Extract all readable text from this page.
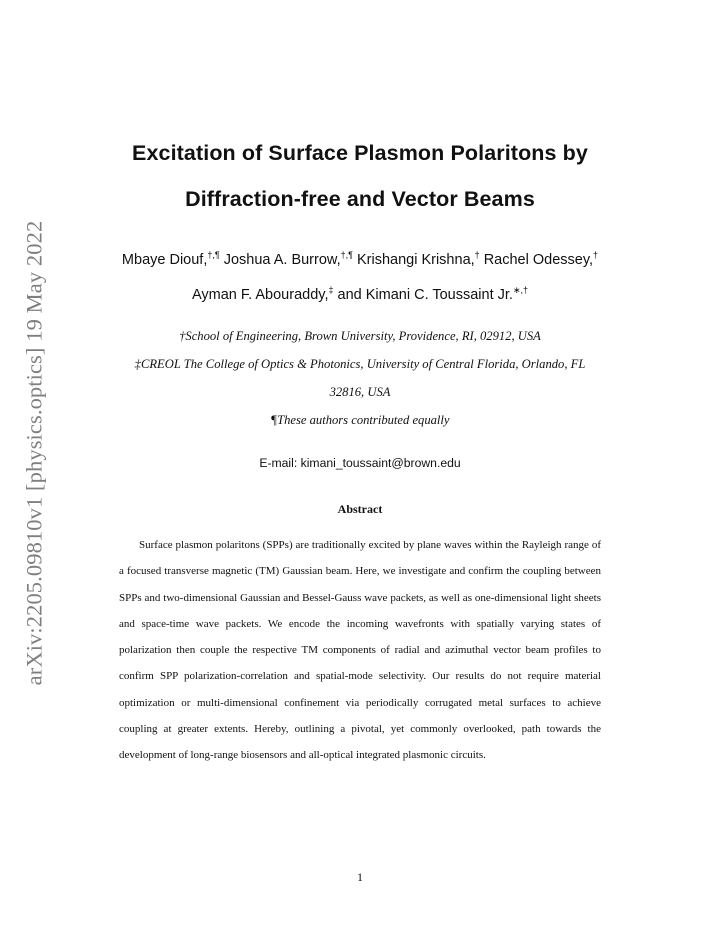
arXiv:2205.09810v1 [physics.optics] 19 May 2022
Excitation of Surface Plasmon Polaritons by
Diffraction-free and Vector Beams
Mbaye Diouf,†,¶ Joshua A. Burrow,†,¶ Krishangi Krishna,† Rachel Odessey,†
Ayman F. Abouraddy,‡ and Kimani C. Toussaint Jr.∗,†
†School of Engineering, Brown University, Providence, RI, 02912, USA
‡CREOL The College of Optics & Photonics, University of Central Florida, Orlando, FL
32816, USA
¶These authors contributed equally
E-mail: kimani_toussaint@brown.edu
Abstract

Surface plasmon polaritons (SPPs) are traditionally excited by plane waves within the Rayleigh range of a focused transverse magnetic (TM) Gaussian beam. Here, we investigate and confirm the coupling between SPPs and two-dimensional Gaussian and Bessel-Gauss wave packets, as well as one-dimensional light sheets and space-time wave packets. We encode the incoming wavefronts with spatially varying states of polarization then couple the respective TM components of radial and azimuthal vector beam profiles to confirm SPP polarization-correlation and spatial-mode selectivity. Our results do not require material optimization or multi-dimensional confinement via periodically corrugated metal surfaces to achieve coupling at greater extents. Hereby, outlining a pivotal, yet commonly overlooked, path towards the development of long-range biosensors and all-optical integrated plasmonic circuits.

1
